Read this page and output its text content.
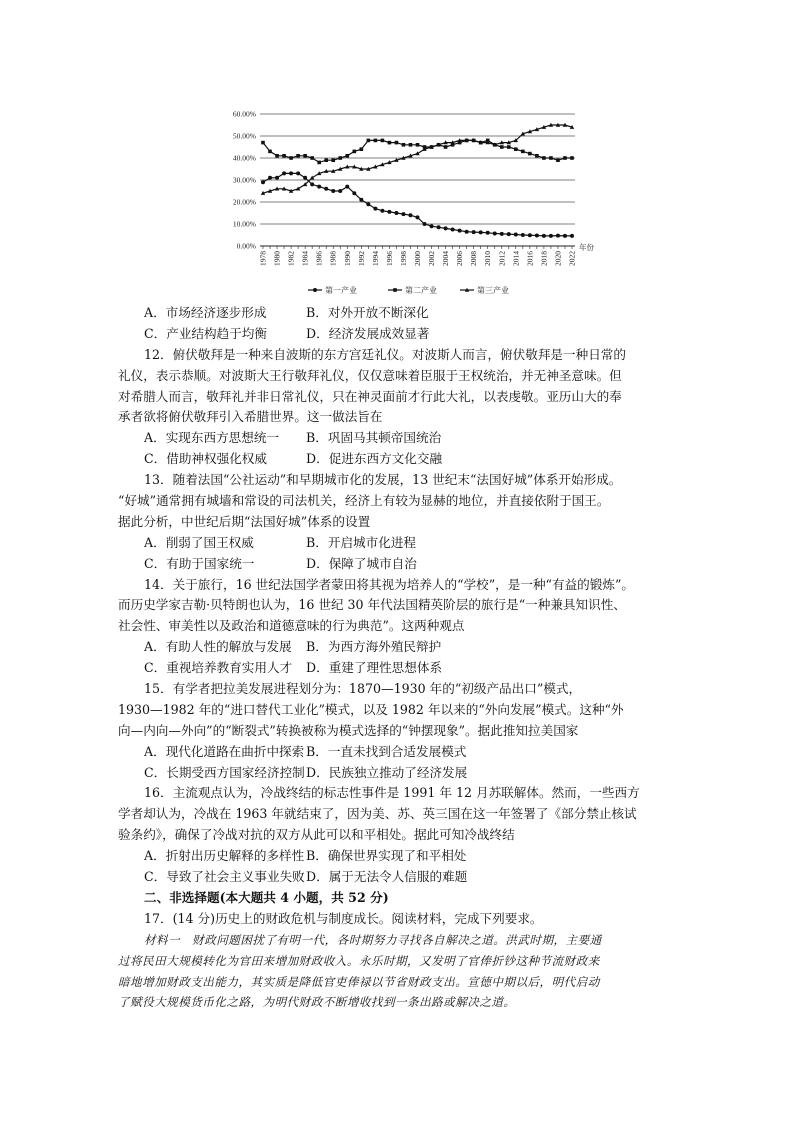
0.00%
10.00%
20.00%
30.00%
40.00%
50.00%
60.00%
1978 1980 1982 1984 1986 1988 1990 1992 1994 1996 1998 2000 2002 2004 2006 2008 2010 2012 2014 2016 2018 2020 2022
年份
第一产业	第二产业	第三产业
A．市场经济逐步形成	B．对外开放不断深化
C．产业结构趋于均衡	D．经济发展成效显著
12．俯伏敬拜是一种来自波斯的东方宫廷礼仪。对波斯人而言，俯伏敬拜是一种日常的
礼仪，表示恭顺。对波斯大王行敬拜礼仪，仅仅意味着臣服于王权统治，并无神圣意味。但
对希腊人而言，敬拜礼并非日常礼仪，只在神灵面前才行此大礼，以表虔敬。亚历山大的奉
承者欲将俯伏敬拜引入希腊世界。这一做法旨在
A．实现东西方思想统一 B．巩固马其顿帝国统治
C．借助神权强化权威	D．促进东西方文化交融
13．随着法国“公社运动”和早期城市化的发展，13 世纪末“法国好城”体系开始形成。
“好城”通常拥有城墙和常设的司法机关，经济上有较为显赫的地位，并直接依附于国王。
据此分析，中世纪后期“法国好城”体系的设置
A．削弱了国王权威	B．开启城市化进程
C．有助于国家统一	D．保障了城市自治
14．关于旅行，16 世纪法国学者蒙田将其视为培养人的“学校”，是一种“有益的锻炼”。
而历史学家吉勒·贝特朗也认为，16 世纪 30 年代法国精英阶层的旅行是“一种兼具知识性、
社会性、审美性以及政治和道德意味的行为典范”。这两种观点
A．有助人性的解放与发展 B．为西方海外殖民辩护
C．重视培养教育实用人才 D．重建了理性思想体系
15．有学者把拉美发展进程划分为：1870—1930 年的“初级产品出口”模式，
1930—1982 年的“进口替代工业化”模式，以及 1982 年以来的“外向发展”模式。这种“外
向—内向—外向”的“断裂式”转换被称为模式选择的“钟摆现象”。据此推知拉美国家
A．现代化道路在曲折中探索 B．一直未找到合适发展模式
C．长期受西方国家经济控制D．民族独立推动了经济发展
16．主流观点认为，冷战终结的标志性事件是 1991 年 12 月苏联解体。然而，一些西方
学者却认为，冷战在 1963 年就结束了，因为美、苏、英三国在这一年签署了《部分禁止核试
验条约》，确保了冷战对抗的双方从此可以和平相处。据此可知冷战终结
A．折射出历史解释的多样性 B．确保世界实现了和平相处
C．导致了社会主义事业失败D．属于无法令人信服的难题
二、非选择题(本大题共 4 小题，共 52 分)
17．(14 分)历史上的财政危机与制度成长。阅读材料，完成下列要求。
材料一　财政问题困扰了有明一代，各时期努力寻找各自解决之道。洪武时期，主要通
过将民田大规模转化为官田来增加财政收入。永乐时期，又发明了官俸折钞这种节流财政来
暗地增加财政支出能力，其实质是降低官吏俸禄以节省财政支出。宣德中期以后，明代启动
了赋役大规模货币化之路，为明代财政不断增收找到一条出路或解决之道。
